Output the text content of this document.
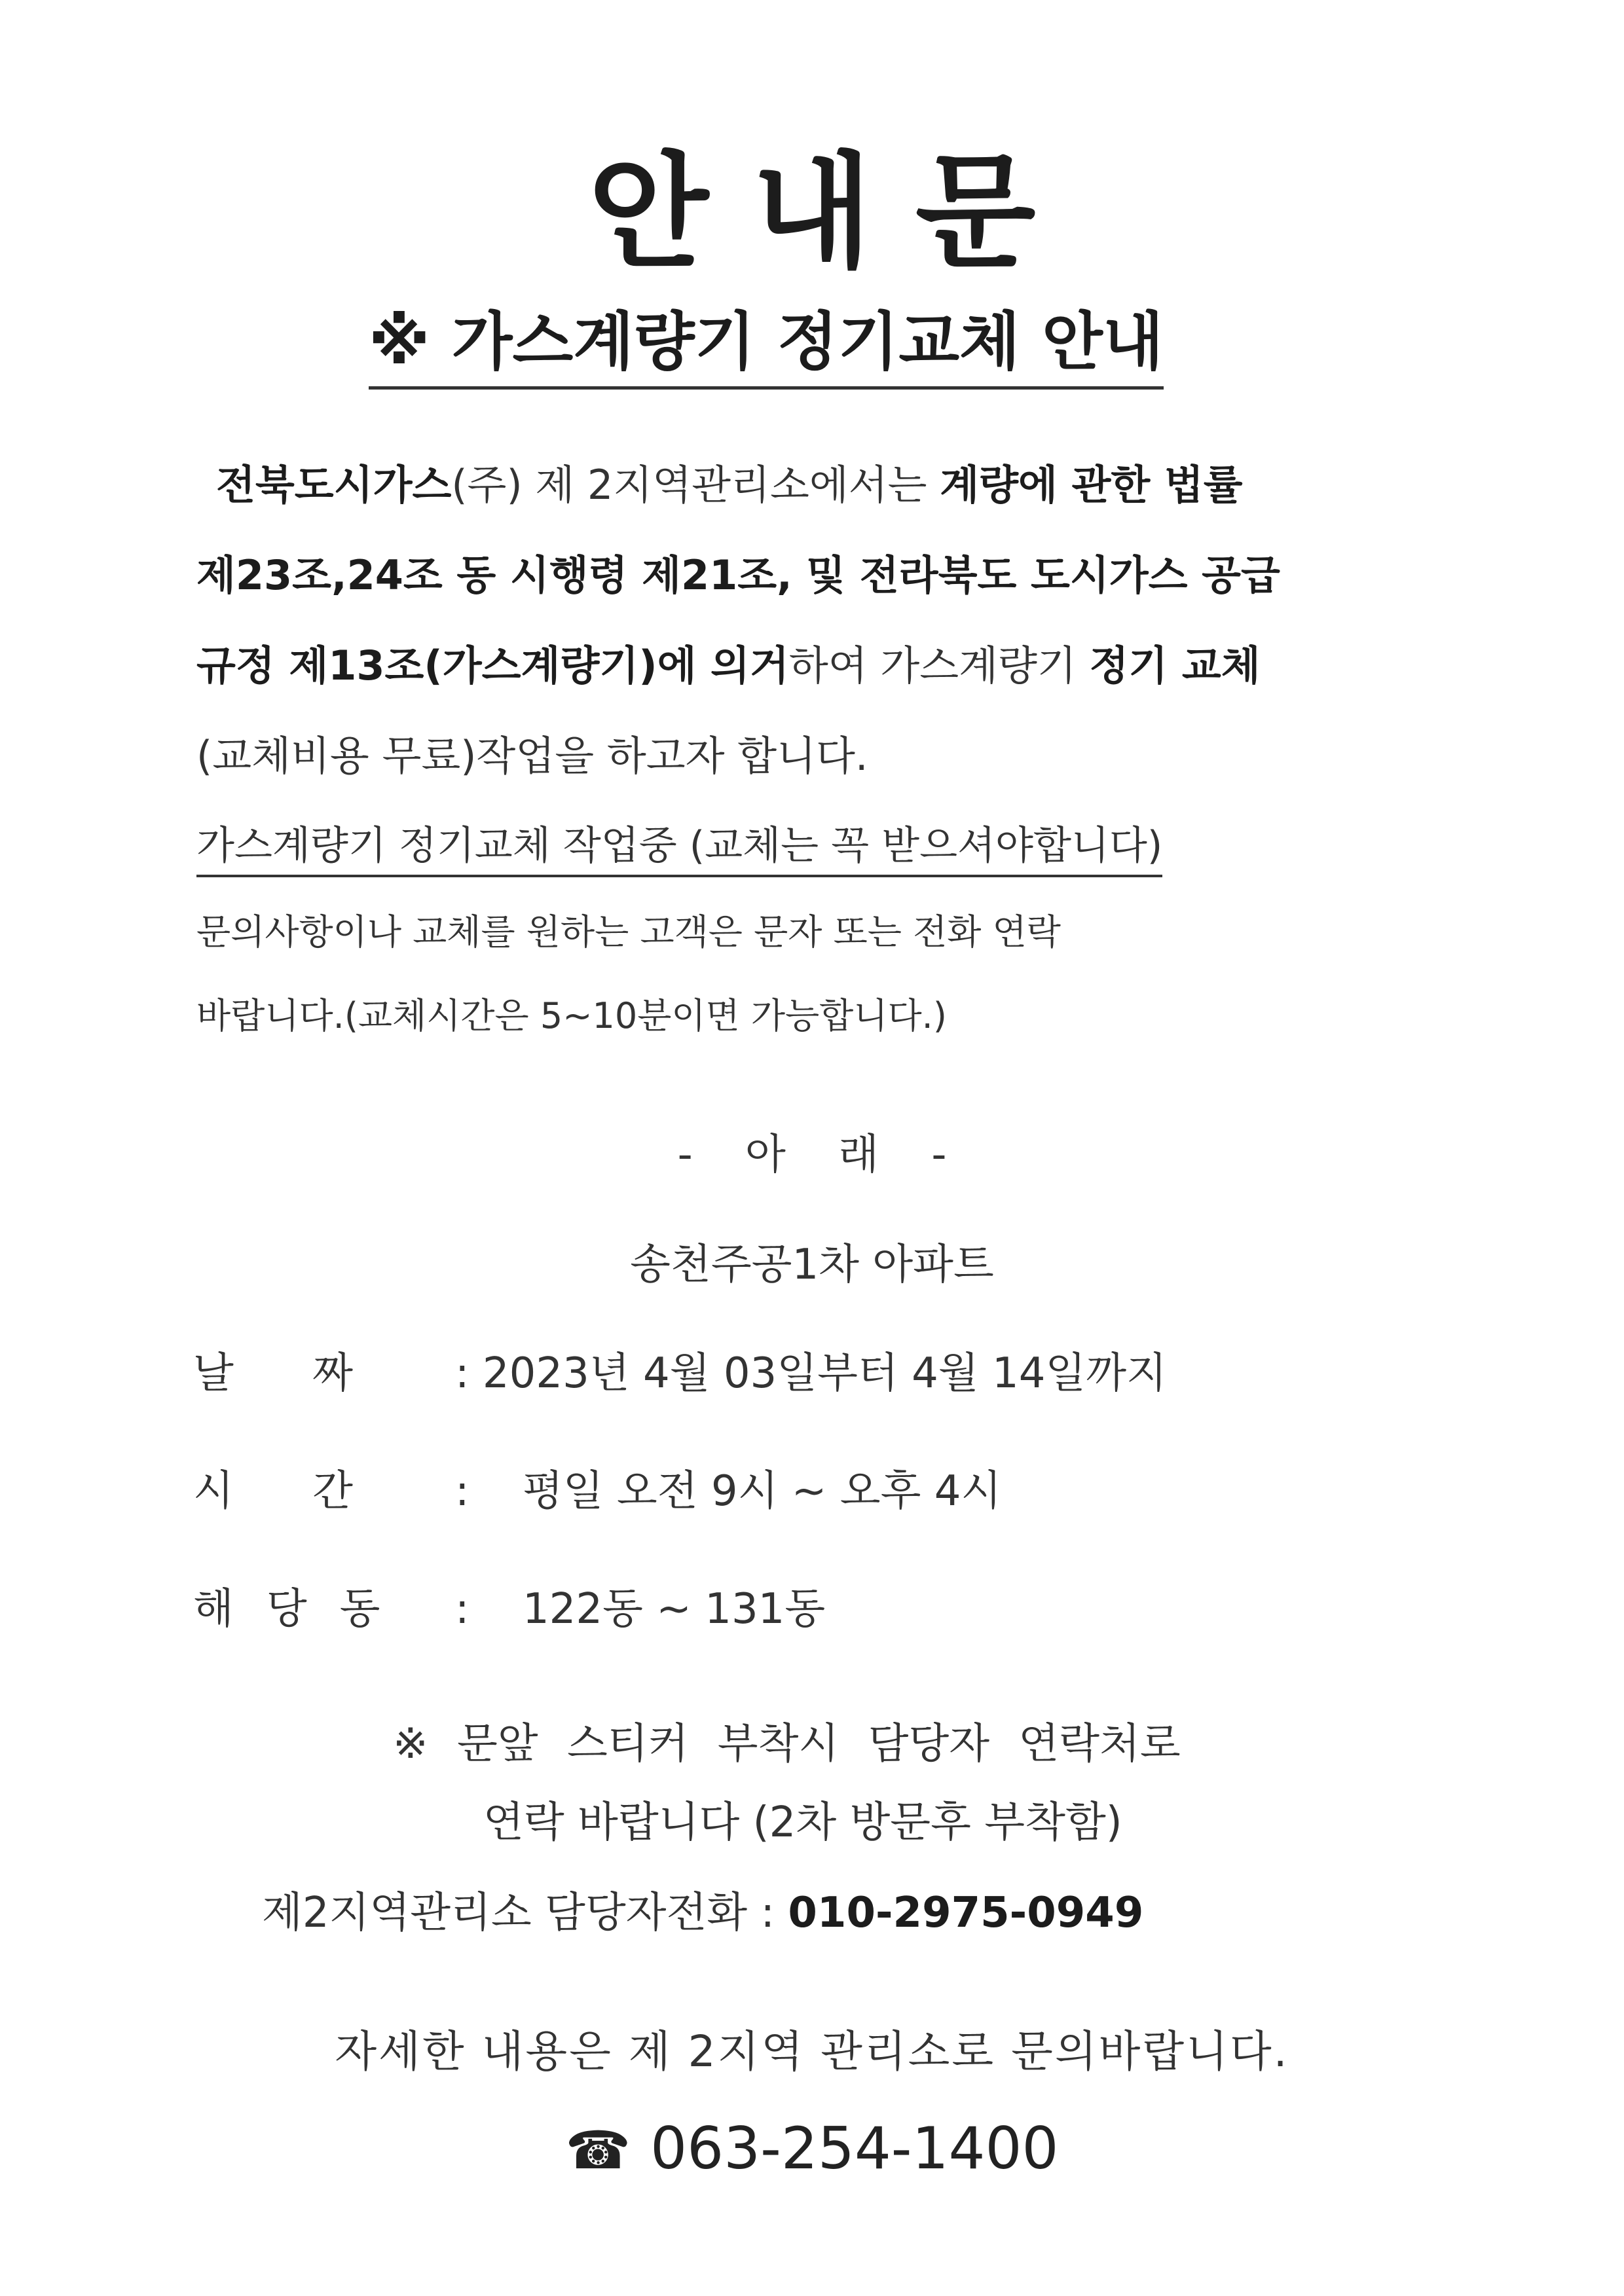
안 내 문
※ 가스계량기 정기교체 안내
전북도시가스(주) 제 2지역관리소에서는 계량에 관한 법률
제23조,24조 동 시행령 제21조, 및 전라북도 도시가스 공급
규정 제13조(가스계량기)에 의거하여 가스계량기 정기 교체
(교체비용 무료)작업을 하고자 합니다.
가스계량기 정기교체 작업중 (교체는 꼭 받으셔야합니다)
문의사항이나 교체를 원하는 고객은 문자 또는 전화 연락
바랍니다.(교체시간은 5~10분이면 가능합니다.)
- 아 래 -
송천주공1차 아파트
날 짜 : 2023년 4월 03일부터 4월 14일까지
시 간 :    평일 오전 9시 ~ 오후 4시
해당동 :    122동 ~ 131동
※ 문앞 스티커 부착시 담당자 연락처로
연락 바랍니다 (2차 방문후 부착함)
제2지역관리소 담당자전화 : 010-2975-0949
자세한 내용은 제 2지역 관리소로 문의바랍니다.
☎ 063-254-1400
